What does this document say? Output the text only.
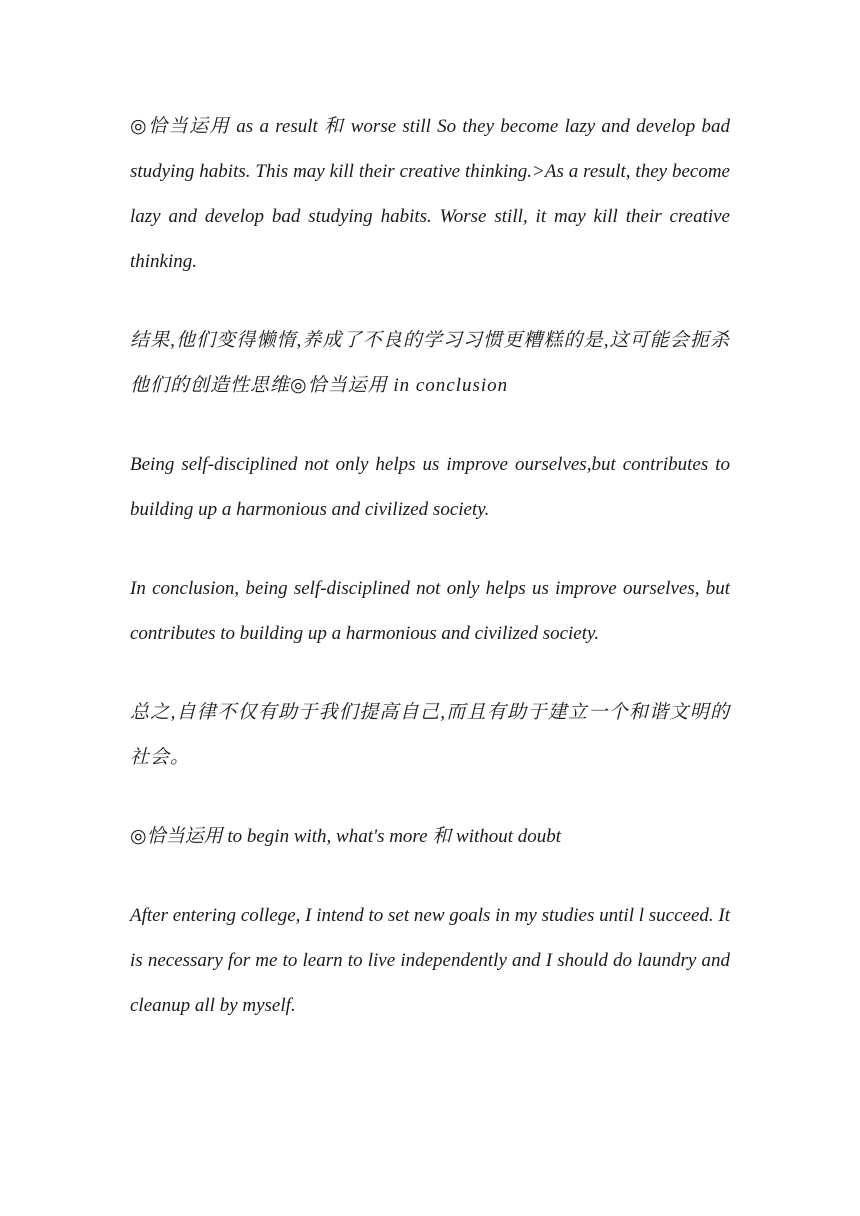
◎恰当运用 as a result 和 worse still So they become lazy and develop bad studying habits. This may kill their creative thinking.>As a result, they become lazy and develop bad studying habits. Worse still, it may kill their creative thinking.

结果,他们变得懒惰,养成了不良的学习习惯更糟糕的是,这可能会扼杀他们的创造性思维◎恰当运用 in conclusion

Being self-disciplined not only helps us improve ourselves,but contributes to building up a harmonious and civilized society.

In conclusion, being self-disciplined not only helps us improve ourselves, but contributes to building up a harmonious and civilized society.

总之,自律不仅有助于我们提高自己,而且有助于建立一个和谐文明的社会。

◎恰当运用 to begin with, what's more 和 without doubt

After entering college, I intend to set new goals in my studies until l succeed. It is necessary for me to learn to live independently and I should do laundry and cleanup all by myself.
